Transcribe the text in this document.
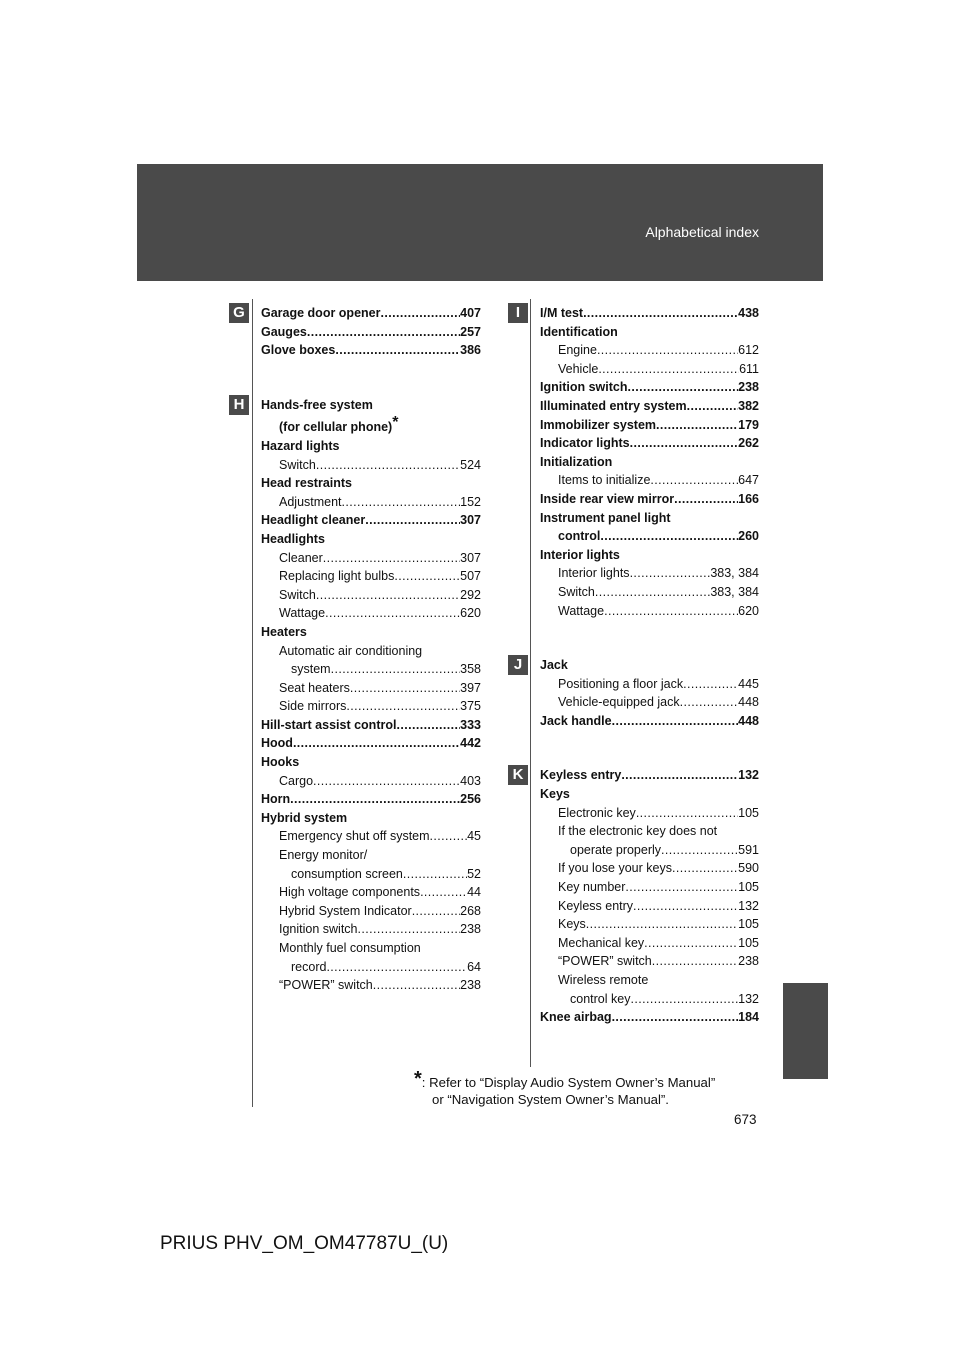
Alphabetical index
G	Garage door opener .....	407
Gauges .....	257
Glove boxes .....	386
H	Hands-free system
(for cellular phone)*
Hazard lights
Switch .....	524
Head restraints
Adjustment .....	152
Headlight cleaner .....	307
Headlights
Cleaner .....	307
Replacing light bulbs .....	507
Switch .....	292
Wattage .....	620
Heaters
Automatic air conditioning
system .....	358
Seat heaters .....	397
Side mirrors .....	375
Hill-start assist control .....	333
Hood .....	442
Hooks
Cargo .....	403
Horn .....	256
Hybrid system
Emergency shut off system .....	45
Energy monitor/
consumption screen .....	52
High voltage components .....	44
Hybrid System Indicator .....	268
Ignition switch .....	238
Monthly fuel consumption
record .....	64
“POWER” switch .....	238
I	I/M test .....	438
Identification
Engine .....	612
Vehicle .....	611
Ignition switch .....	238
Illuminated entry system .....	382
Immobilizer system .....	179
Indicator lights .....	262
Initialization
Items to initialize .....	647
Inside rear view mirror .....	166
Instrument panel light
control .....	260
Interior lights
Interior lights .....	383, 384
Switch .....	383, 384
Wattage .....	620
J	Jack
Positioning a floor jack .....	445
Vehicle-equipped jack .....	448
Jack handle .....	448
K	Keyless entry .....	132
Keys
Electronic key .....	105
If the electronic key does not
operate properly .....	591
If you lose your keys .....	590
Key number .....	105
Keyless entry .....	132
Keys .....	105
Mechanical key .....	105
“POWER” switch .....	238
Wireless remote
control key .....	132
Knee airbag .....	184
*: Refer to “Display Audio System Owner’s Manual”
or “Navigation System Owner’s Manual”.
673
PRIUS PHV_OM_OM47787U_(U)
